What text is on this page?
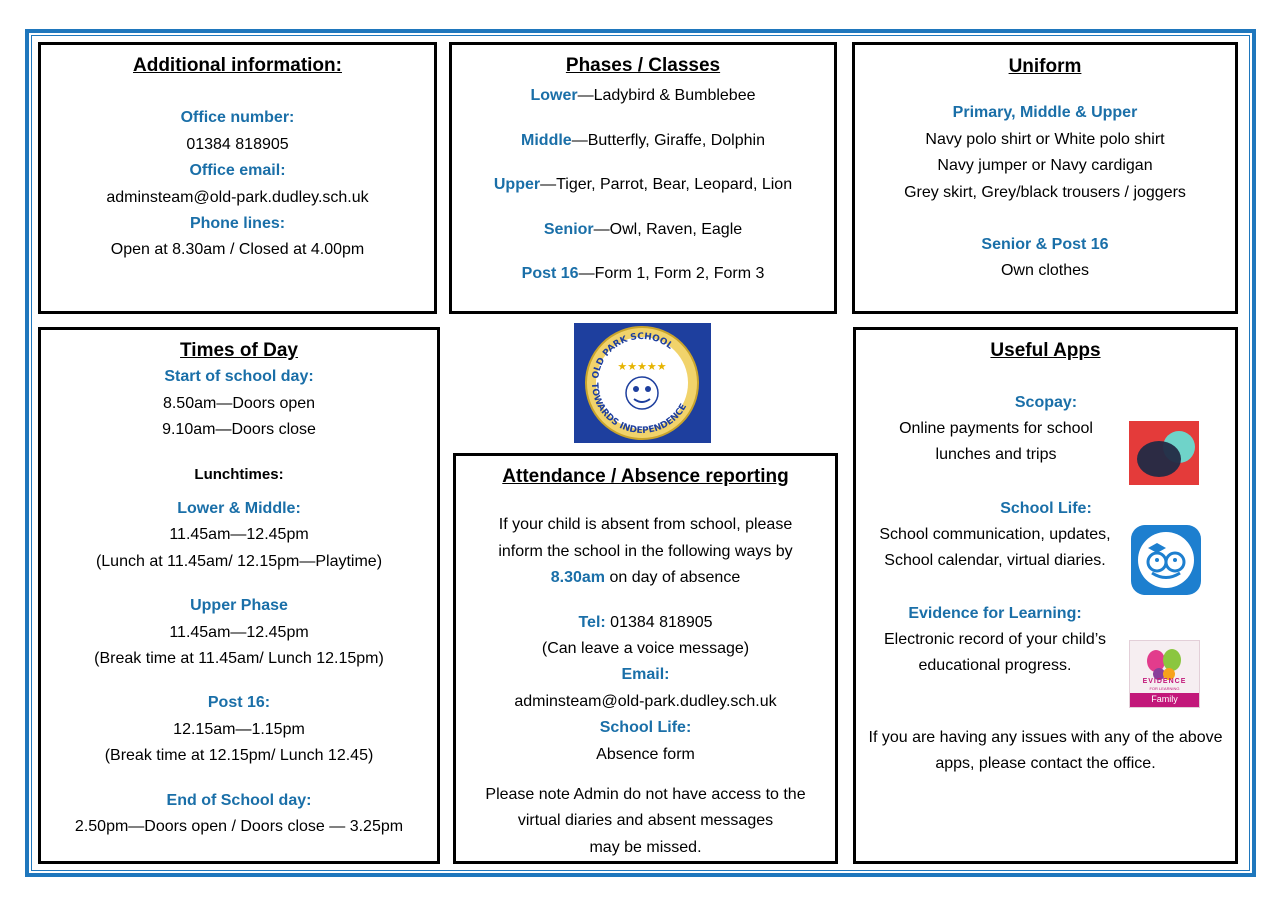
Additional information:
Office number:
01384 818905
Office email:
adminsteam@old-park.dudley.sch.uk
Phone lines:
Open at 8.30am / Closed at 4.00pm
Phases / Classes
Lower—Ladybird & Bumblebee
Middle—Butterfly, Giraffe, Dolphin
Upper—Tiger, Parrot, Bear, Leopard, Lion
Senior—Owl, Raven, Eagle
Post 16—Form 1, Form 2, Form 3
Uniform
Primary, Middle & Upper
Navy polo shirt or White polo shirt
Navy jumper or Navy cardigan
Grey skirt, Grey/black trousers / joggers
Senior & Post 16
Own clothes
Times of Day
Start of school day:
8.50am—Doors open
9.10am—Doors close
Lunchtimes:
Lower & Middle:
11.45am—12.45pm
(Lunch at 11.45am/ 12.15pm—Playtime)
Upper Phase
11.45am—12.45pm
(Break time at 11.45am/ Lunch 12.15pm)
Post 16:
12.15am—1.15pm
(Break time at 12.15pm/ Lunch 12.45)
End of School day:
2.50pm—Doors open / Doors close — 3.25pm
OLD PARK SCHOOL
TOWARDS INDEPENDENCE
★★★★★
Attendance / Absence reporting
If your child is absent from school, please
inform the school in the following ways by
8.30am on day of absence
Tel: 01384 818905
(Can leave a voice message)
Email:
adminsteam@old-park.dudley.sch.uk
School Life:
Absence form
Please note Admin do not have access to the
virtual diaries and absent messages
may be missed.
Useful Apps
Scopay:
Online payments for school
lunches and trips
School Life:
School communication, updates,
School calendar, virtual diaries.
Evidence for Learning:
Electronic record of your child’s
educational progress.
If you are having any issues with any of the above
apps, please contact the office.
EVIDENCE
FOR LEARNING
Family
